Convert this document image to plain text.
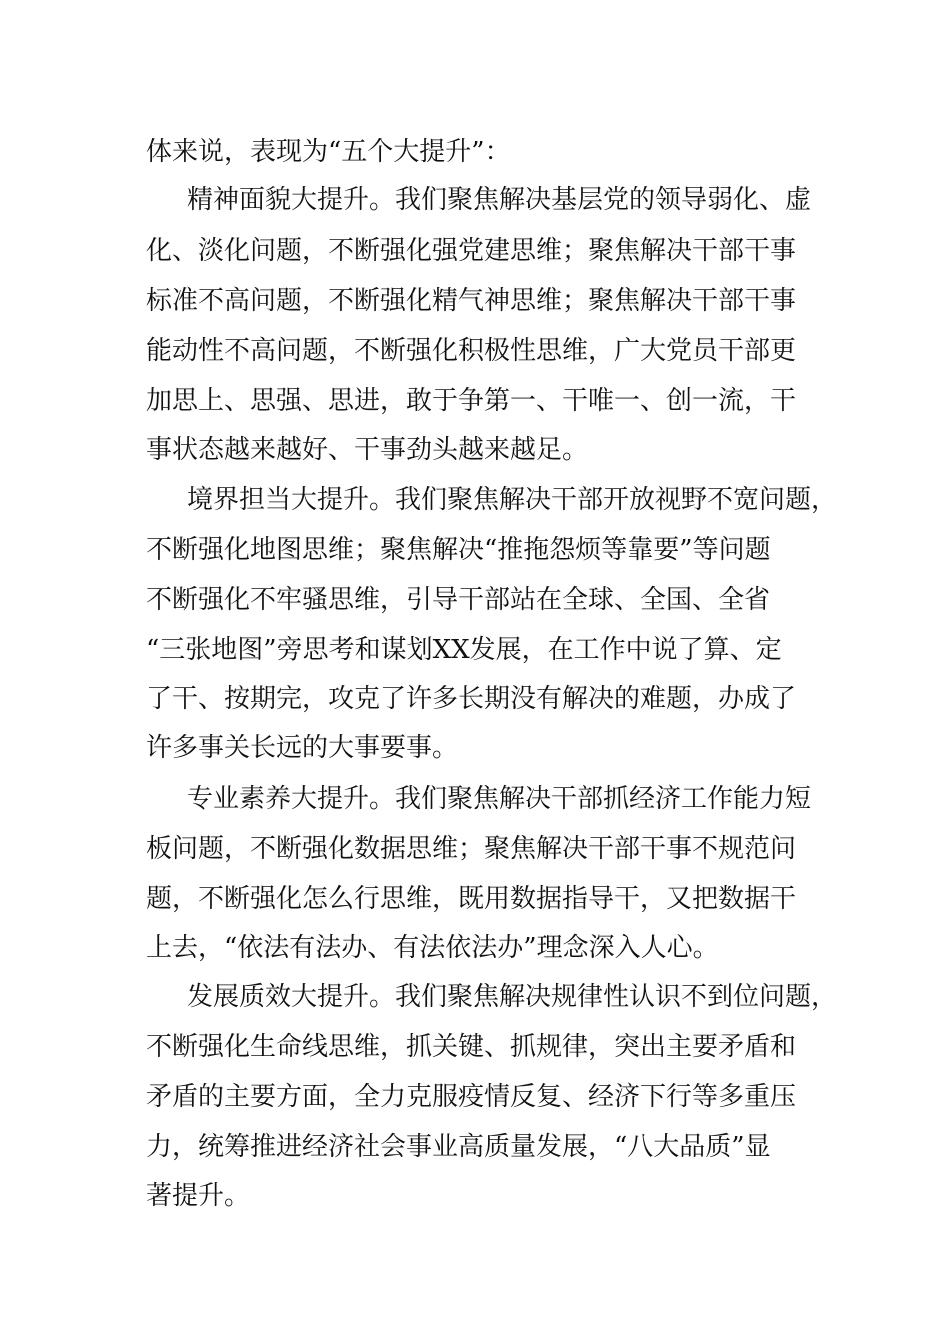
体来说，表现为“五个大提升”：

精神面貌大提升。我们聚焦解决基层党的领导弱化、虚

化、淡化问题，不断强化强党建思维；聚焦解决干部干事

标准不高问题，不断强化精气神思维；聚焦解决干部干事

能动性不高问题，不断强化积极性思维，广大党员干部更

加思上、思强、思进，敢于争第一、干唯一、创一流，干

事状态越来越好、干事劲头越来越足。

境界担当大提升。我们聚焦解决干部开放视野不宽问题，

不断强化地图思维；聚焦解决“推拖怨烦等靠要”等问题

不断强化不牢骚思维，引导干部站在全球、全国、全省

“三张地图”旁思考和谋划XX发展，在工作中说了算、定

了干、按期完，攻克了许多长期没有解决的难题，办成了

许多事关长远的大事要事。

专业素养大提升。我们聚焦解决干部抓经济工作能力短

板问题，不断强化数据思维；聚焦解决干部干事不规范问

题，不断强化怎么行思维，既用数据指导干，又把数据干

上去，“依法有法办、有法依法办”理念深入人心。

发展质效大提升。我们聚焦解决规律性认识不到位问题，

不断强化生命线思维，抓关键、抓规律，突出主要矛盾和

矛盾的主要方面，全力克服疫情反复、经济下行等多重压

力，统筹推进经济社会事业高质量发展，“八大品质”显

著提升。
